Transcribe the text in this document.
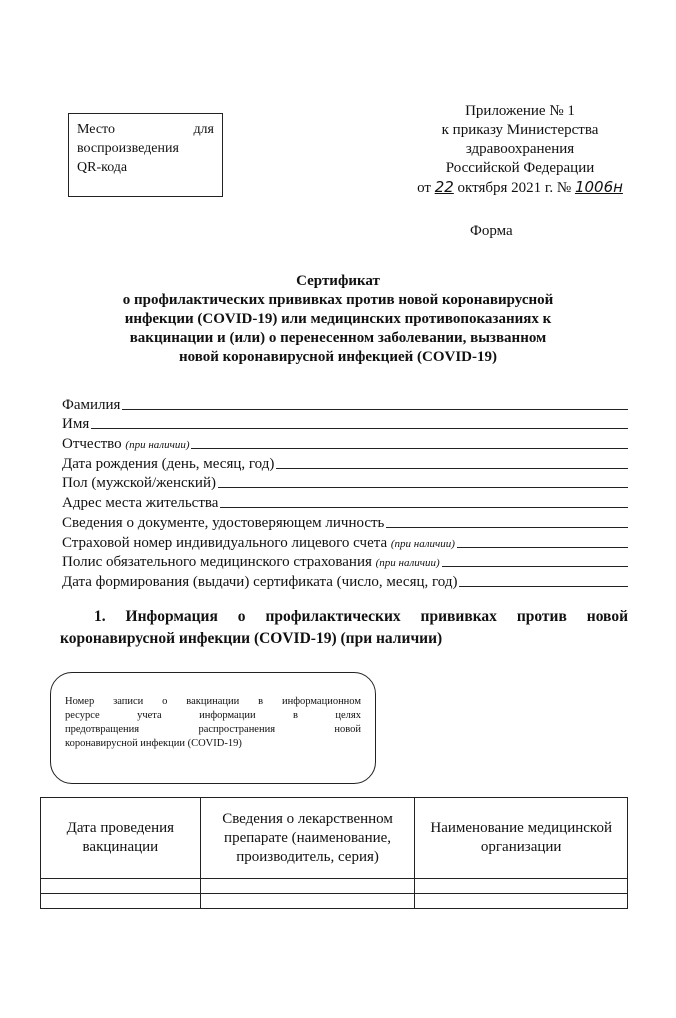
Место	для
воспроизведения
QR-кода
Приложение № 1
к приказу Министерства
здравоохранения
Российской Федерации
от 22 октября 2021 г. № 1006н
Форма
Сертификат
о профилактических прививках против новой коронавирусной
инфекции (COVID-19) или медицинских противопоказаниях к
вакцинации и (или) о перенесенном заболевании, вызванном
новой коронавирусной инфекцией (COVID-19)
Фамилия
Имя
Отчество (при наличии)
Дата рождения (день, месяц, год)
Пол (мужской/женский)
Адрес места жительства
Сведения о документе, удостоверяющем личность
Страховой номер индивидуального лицевого счета (при наличии)
Полис обязательного медицинского страхования (при наличии)
Дата формирования (выдачи) сертификата (число, месяц, год)
1. Информация о профилактических прививках против новой
коронавирусной инфекции (COVID-19) (при наличии)
Номер записи о вакцинации в информационном
ресурсе учета информации в целях
предотвращения распространения новой
коронавирусной инфекции (COVID-19)
Дата проведения вакцинации	Сведения о лекарственном препарате (наименование, производитель, серия)	Наименование медицинской организации
